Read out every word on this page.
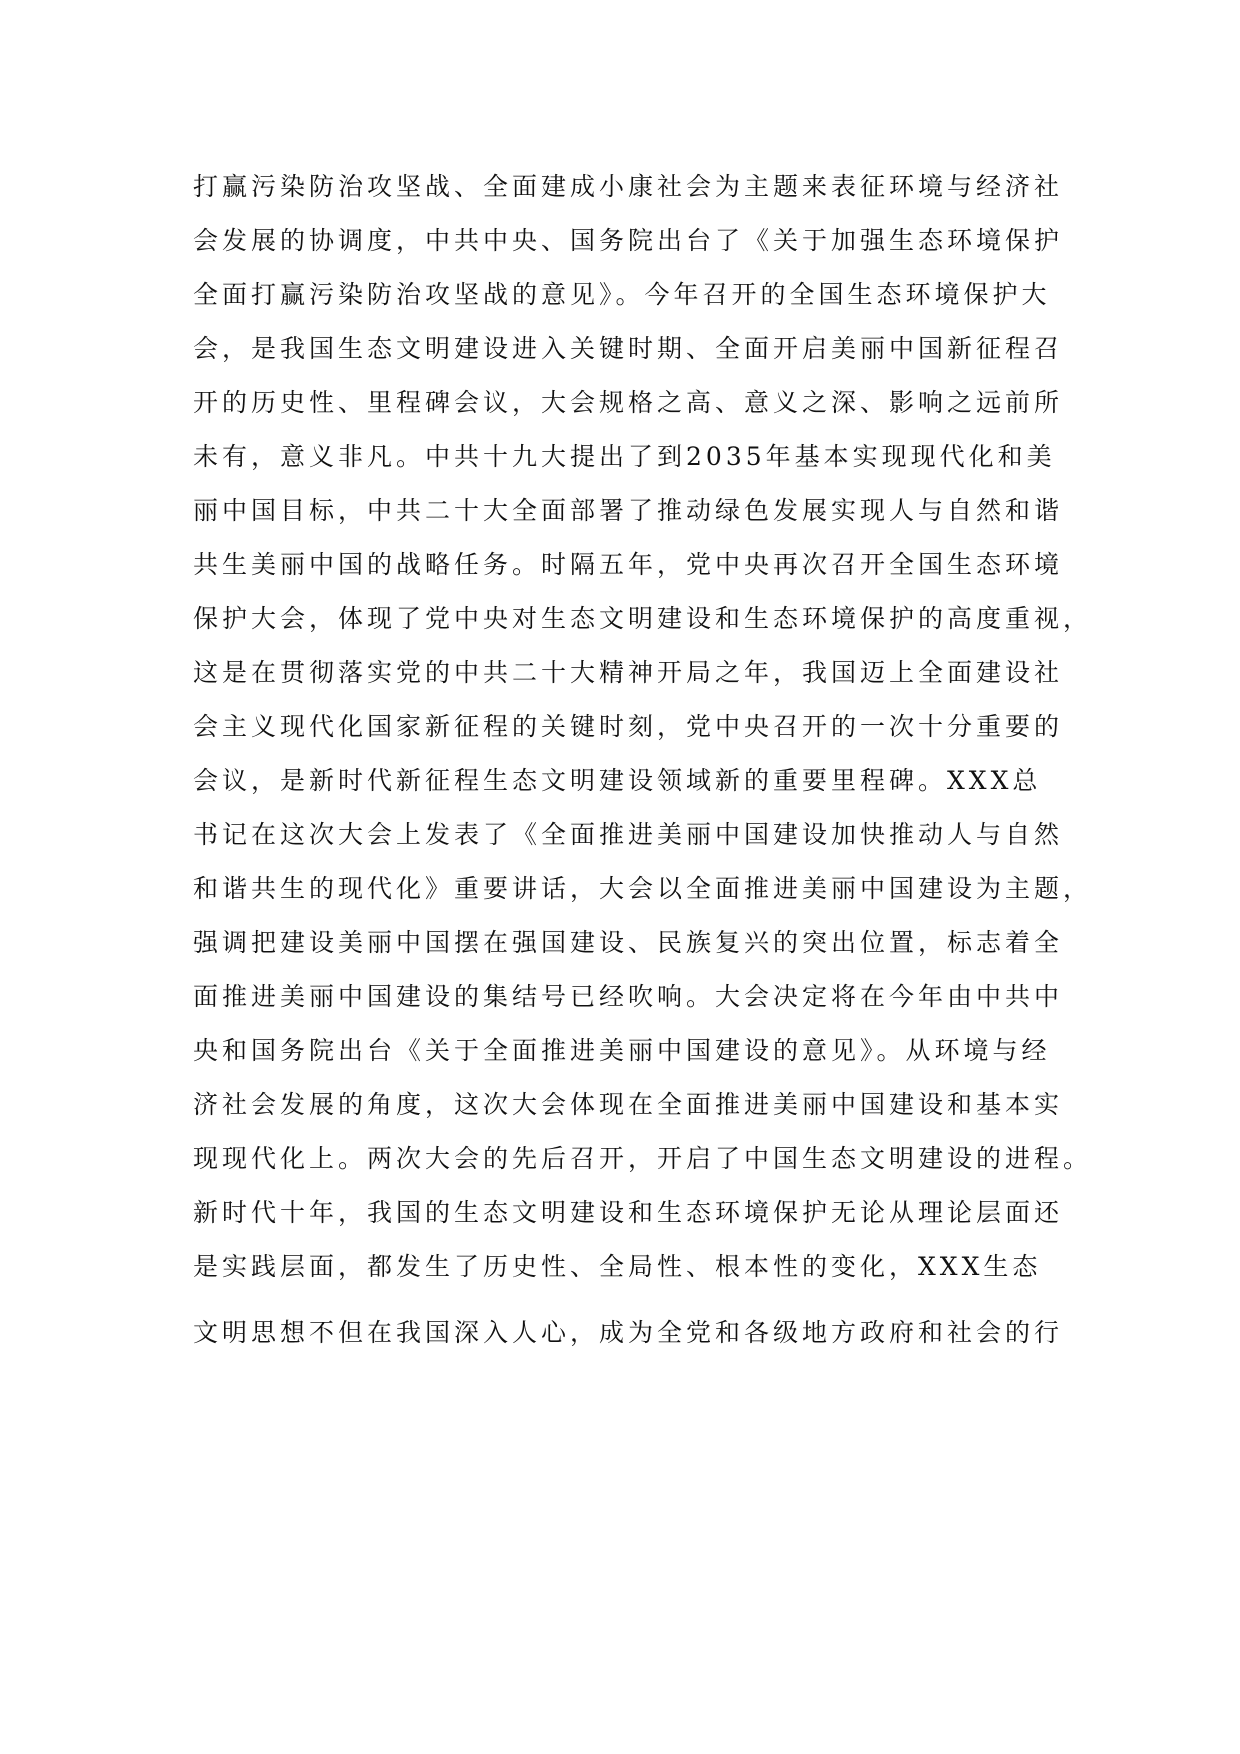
打赢污染防治攻坚战、全面建成小康社会为主题来表征环境与经济社
会发展的协调度，中共中央、国务院出台了《关于加强生态环境保护
全面打赢污染防治攻坚战的意见》。今年召开的全国生态环境保护大
会，是我国生态文明建设进入关键时期、全面开启美丽中国新征程召
开的历史性、里程碑会议，大会规格之高、意义之深、影响之远前所
未有，意义非凡。中共十九大提出了到2035年基本实现现代化和美
丽中国目标，中共二十大全面部署了推动绿色发展实现人与自然和谐
共生美丽中国的战略任务。时隔五年，党中央再次召开全国生态环境
保护大会，体现了党中央对生态文明建设和生态环境保护的高度重视，
这是在贯彻落实党的中共二十大精神开局之年，我国迈上全面建设社
会主义现代化国家新征程的关键时刻，党中央召开的一次十分重要的
会议，是新时代新征程生态文明建设领域新的重要里程碑。XXX总
书记在这次大会上发表了《全面推进美丽中国建设加快推动人与自然
和谐共生的现代化》重要讲话，大会以全面推进美丽中国建设为主题，
强调把建设美丽中国摆在强国建设、民族复兴的突出位置，标志着全
面推进美丽中国建设的集结号已经吹响。大会决定将在今年由中共中
央和国务院出台《关于全面推进美丽中国建设的意见》。从环境与经
济社会发展的角度，这次大会体现在全面推进美丽中国建设和基本实
现现代化上。两次大会的先后召开，开启了中国生态文明建设的进程。
新时代十年，我国的生态文明建设和生态环境保护无论从理论层面还
是实践层面，都发生了历史性、全局性、根本性的变化，XXX生态
文明思想不但在我国深入人心，成为全党和各级地方政府和社会的行
